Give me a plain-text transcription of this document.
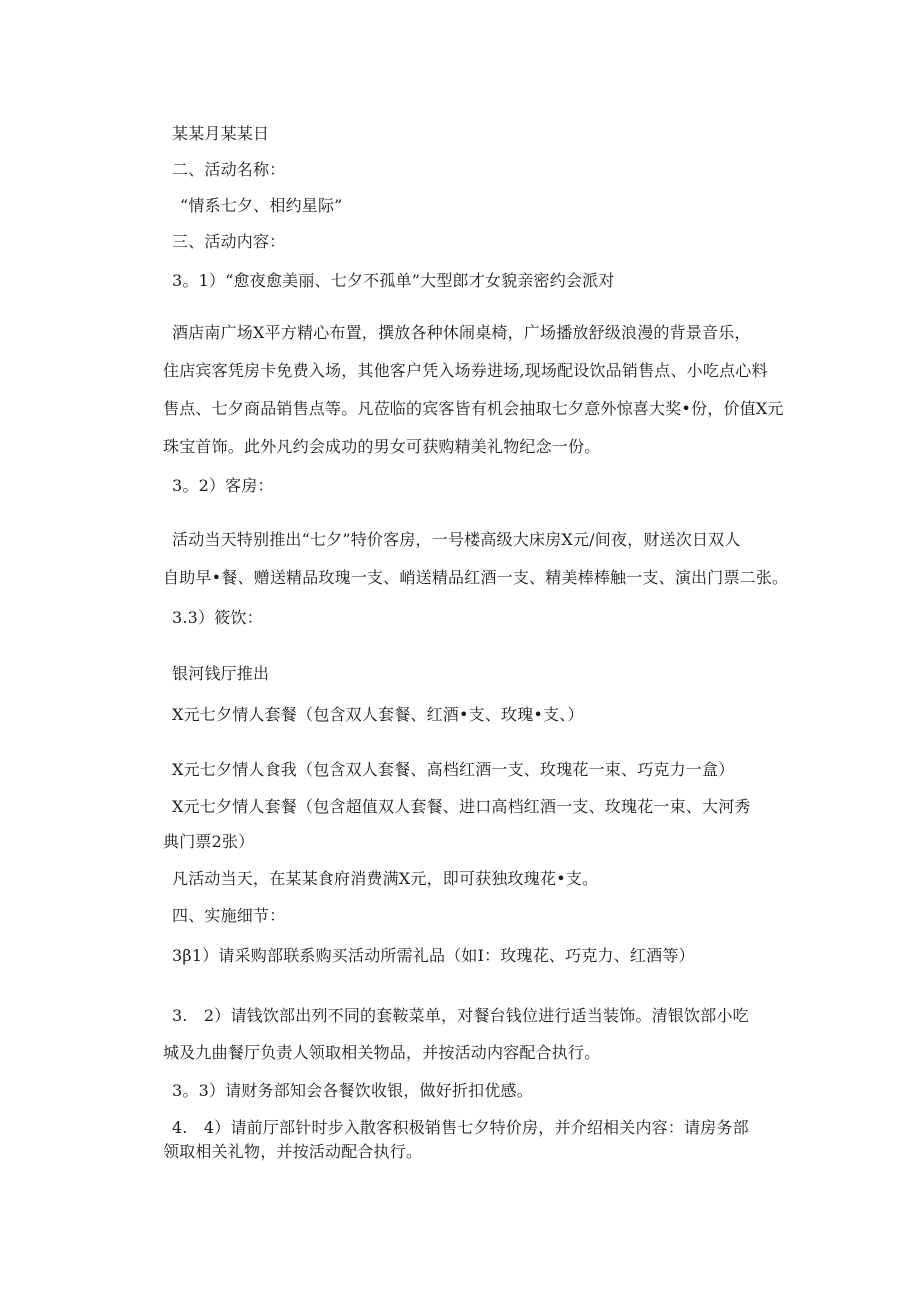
某某月某某日
二、活动名称：
“情系七夕、相约星际”
三、活动内容：
3。1）“愈夜愈美丽、七夕不孤单”大型郎才女貌亲密约会派对
酒店南广场X平方精心布置，撰放各种休闹桌椅，广场播放舒级浪漫的背景音乐，
住店宾客凭房卡免费入场，其他客户凭入场券进场,现场配设饮品销售点、小吃点心料
售点、七夕商品销售点等。凡莅临的宾客皆有机会抽取七夕意外惊喜大奖•份，价值X元
珠宝首饰。此外凡约会成功的男女可获购精美礼物纪念一份。
3。2）客房：
活动当天特别推出“七夕”特价客房，一号楼高级大床房X元/间夜，财送次日双人
自助早•餐、赠送精品玫瑰一支、峭送精品红酒一支、精美棒棒触一支、演出门票二张。
3.3）筱饮：
银河钱厅推出
X元七夕情人套餐（包含双人套餐、红酒•支、玫瑰•支、）
X元七夕情人食我（包含双人套餐、高档红酒一支、玫瑰花一束、巧克力一盒）
X元七夕情人套餐（包含超值双人套餐、进口高档红酒一支、玫瑰花一束、大河秀
典门票2张）
凡活动当天，在某某食府消费满X元，即可获独玫瑰花•支。
四、实施细节：
3β1）请采购部联系购买活动所需礼品（如I：玫瑰花、巧克力、红酒等）
3.　2）请钱饮部出列不同的套鞍菜单，对餐台钱位进行适当装饰。清银饮部小吃
城及九曲餐厅负责人领取相关物品，并按活动内容配合执行。
3。3）请财务部知会各餐饮收银，做好折扣优感。
4.　4）请前厅部针时步入散客积极销售七夕特价房，并介绍相关内容：请房务部
领取相关礼物，并按活动配合执行。
